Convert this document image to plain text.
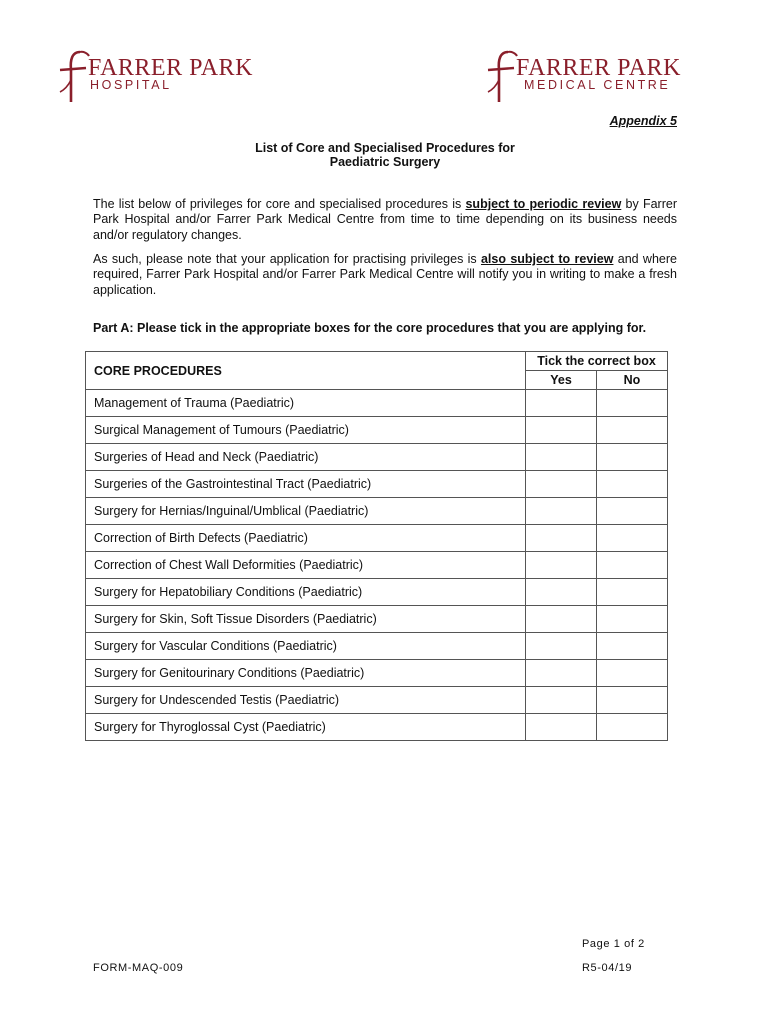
FARRER PARK
HOSPITAL
FARRER PARK
MEDICAL CENTRE
Appendix 5
List of Core and Specialised Procedures for
Paediatric Surgery
The list below of privileges for core and specialised procedures is subject to periodic review by Farrer Park Hospital and/or Farrer Park Medical Centre from time to time depending on its business needs and/or regulatory changes.
As such, please note that your application for practising privileges is also subject to review and where required, Farrer Park Hospital and/or Farrer Park Medical Centre will notify you in writing to make a fresh application.
Part A: Please tick in the appropriate boxes for the core procedures that you are applying for.
CORE PROCEDURES	Tick the correct box	
	Yes	No
Management of Trauma (Paediatric)		
Surgical Management of Tumours (Paediatric)		
Surgeries of Head and Neck (Paediatric)		
Surgeries of the Gastrointestinal Tract (Paediatric)		
Surgery for Hernias/Inguinal/Umblical (Paediatric)		
Correction of Birth Defects (Paediatric)		
Correction of Chest Wall Deformities (Paediatric)		
Surgery for Hepatobiliary Conditions (Paediatric)		
Surgery for Skin, Soft Tissue Disorders (Paediatric)		
Surgery for Vascular Conditions (Paediatric)		
Surgery for Genitourinary Conditions (Paediatric)		
Surgery for Undescended Testis (Paediatric)		
Surgery for Thyroglossal Cyst (Paediatric)		
Page 1 of 2
FORM-MAQ-009	R5-04/19
